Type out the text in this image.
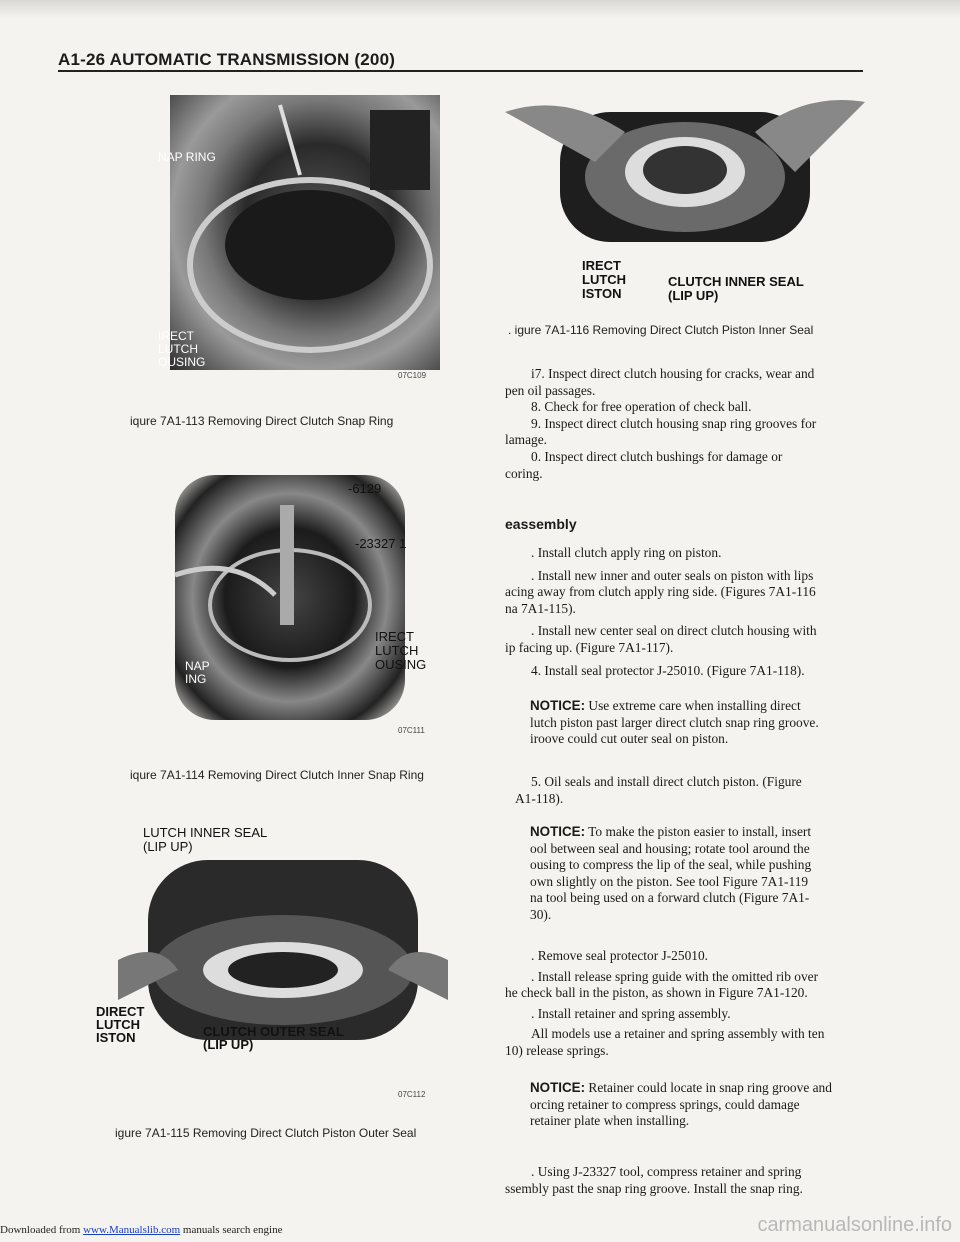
A1-26 AUTOMATIC TRANSMISSION (200)
NAP RING
IRECT
LUTCH
OUSING
07C109
iqure 7A1-113 Removing Direct Clutch Snap Ring
NAP
ING
-6129
-23327 1
IRECT
LUTCH
OUSING
07C111
iqure 7A1-114 Removing Direct Clutch Inner Snap Ring
LUTCH INNER SEAL
(LIP UP)
DIRECT
LUTCH
ISTON	CLUTCH OUTER SEAL
(LIP UP)
07C112
igure 7A1-115 Removing Direct Clutch Piston Outer Seal
IRECT
LUTCH
ISTON
CLUTCH INNER SEAL
(LIP UP)
. igure 7A1-116 Removing Direct Clutch Piston Inner Seal
i7. Inspect direct clutch housing for cracks, wear and
pen oil passages.
8. Check for free operation of check ball.
9. Inspect direct clutch housing snap ring grooves for
lamage.
0. Inspect direct clutch bushings for damage or
coring.
eassembly
. Install clutch apply ring on piston.
. Install new inner and outer seals on piston with lips
acing away from clutch apply ring side. (Figures 7A1-116
na 7A1-115).
. Install new center seal on direct clutch housing with
ip facing up. (Figure 7A1-117).
4. Install seal protector J-25010. (Figure 7A1-118).
NOTICE: Use extreme care when installing direct
lutch piston past larger direct clutch snap ring groove.
iroove could cut outer seal on piston.
5. Oil seals and install direct clutch piston. (Figure
A1-118).
NOTICE: To make the piston easier to install, insert
ool between seal and housing; rotate tool around the
ousing to compress the lip of the seal, while pushing
own slightly on the piston. See tool Figure 7A1-119
na tool being used on a forward clutch (Figure 7A1-
30).
. Remove seal protector J-25010.
. Install release spring guide with the omitted rib over
he check ball in the piston, as shown in Figure 7A1-120.
. Install retainer and spring assembly.
All models use a retainer and spring assembly with ten
10) release springs.
NOTICE: Retainer could locate in snap ring groove and
orcing retainer to compress springs, could damage
retainer plate when installing.
. Using J-23327 tool, compress retainer and spring
ssembly past the snap ring groove. Install the snap ring.
Downloaded from www.Manualslib.com manuals search engine	carmanualsonline.info
